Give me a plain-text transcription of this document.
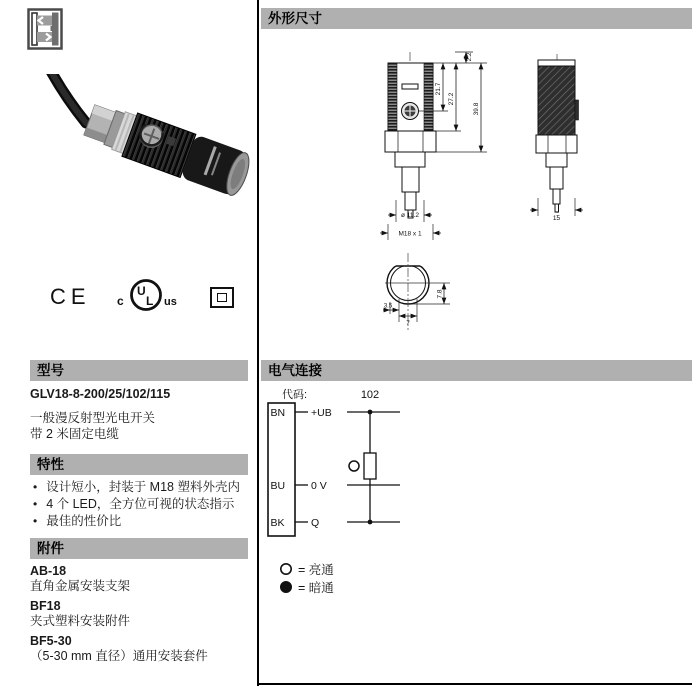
CE c
U
L us
型号
GLV18-8-200/25/102/115
一般漫反射型光电开关
带 2 米固定电缆
特性
• 设计短小，封装于 M18 塑料外壳内
• 4 个 LED，全方位可视的状态指示
• 最佳的性价比
附件
AB-18
直角金属安装支架
BF18
夹式塑料安装附件
BF5-30
（5-30 mm 直径）通用安装套件
外形尺寸
21.7
27.2
2.2
39.8
ø 11.2
M18 x 1
15
7.8
3.5
7
电气连接
代码:	102
BN
BU
BK
+UB
0 V
Q
= 亮通
= 暗通
